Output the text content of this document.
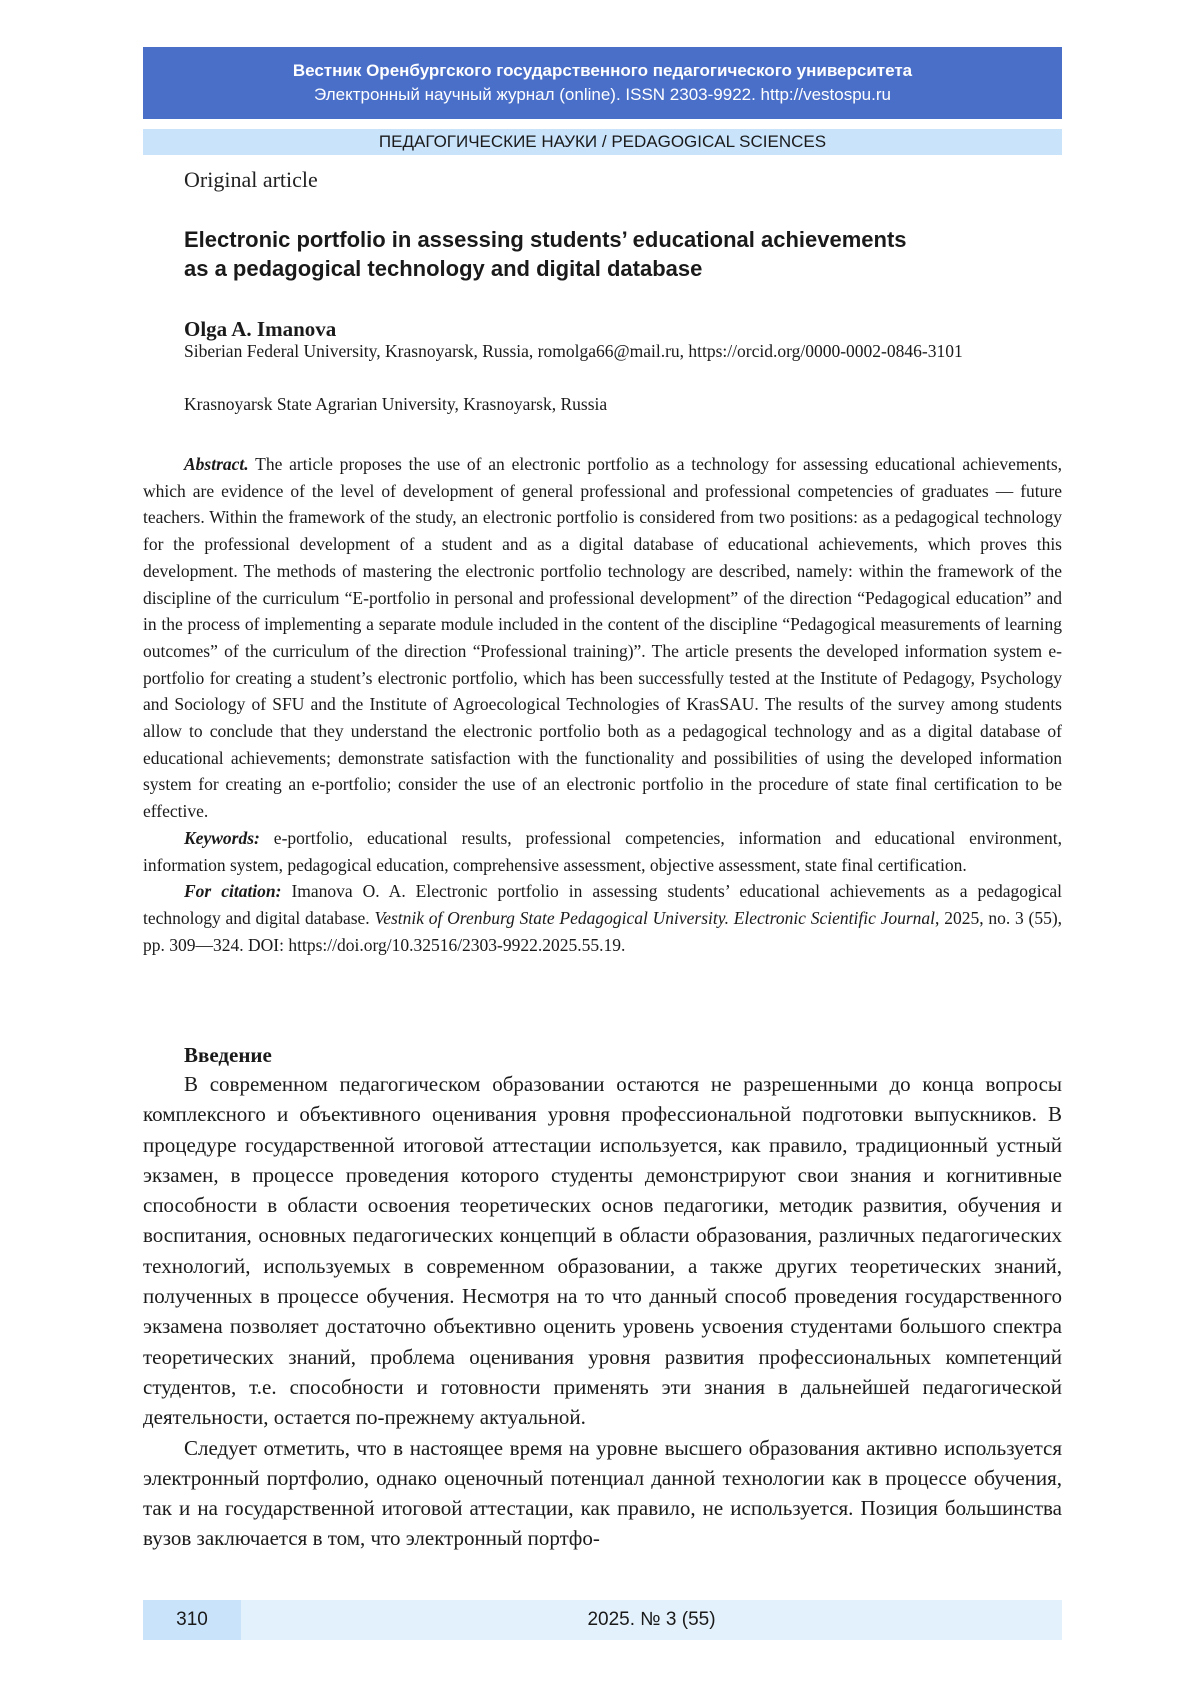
Вестник Оренбургского государственного педагогического университета
Электронный научный журнал (online). ISSN 2303-9922. http://vestospu.ru
ПЕДАГОГИЧЕСКИЕ НАУКИ / PEDAGOGICAL SCIENCES
Original article
Electronic portfolio in assessing students’ educational achievements
as a pedagogical technology and digital database
Olga A. Imanova

Siberian Federal University, Krasnoyarsk, Russia, romolga66@mail.ru, https://orcid.org/0000-0002-0846-3101

Krasnoyarsk State Agrarian University, Krasnoyarsk, Russia

Abstract. The article proposes the use of an electronic portfolio as a technology for assessing educational achievements, which are evidence of the level of development of general professional and professional competencies of graduates — future teachers. Within the framework of the study, an electronic portfolio is considered from two positions: as a pedagogical technology for the professional development of a student and as a digital database of educational achievements, which proves this development. The methods of mastering the electronic portfolio technology are described, namely: within the framework of the discipline of the curriculum “E-portfolio in personal and professional development” of the direction “Pedagogical education” and in the process of implementing a separate module included in the content of the discipline “Pedagogical measurements of learning outcomes” of the curriculum of the direction “Professional training)”. The article presents the developed information system e-portfolio for creating a student’s electronic portfolio, which has been successfully tested at the Institute of Pedagogy, Psychology and Sociology of SFU and the Institute of Agroecological Technologies of KrasSAU. The results of the survey among students allow to conclude that they understand the electronic portfolio both as a pedagogical technology and as a digital database of educational achievements; demonstrate satisfaction with the functionality and possibilities of using the developed information system for creating an e-portfolio; consider the use of an electronic portfolio in the procedure of state final certification to be effective.

Keywords: e-portfolio, educational results, professional competencies, information and educational environment, information system, pedagogical education, comprehensive assessment, objective assessment, state final certification.

For citation: Imanova O. A. Electronic portfolio in assessing students’ educational achievements as a pedagogical technology and digital database. Vestnik of Orenburg State Pedagogical University. Electronic Scientific Journal, 2025, no. 3 (55), pp. 309—324. DOI: https://doi.org/10.32516/2303-9922.2025.55.19.

Введение

В современном педагогическом образовании остаются не разрешенными до конца вопросы комплексного и объективного оценивания уровня профессиональной подготовки выпускников. В процедуре государственной итоговой аттестации используется, как правило, традиционный устный экзамен, в процессе проведения которого студенты демонстрируют свои знания и когнитивные способности в области освоения теоретических основ педагогики, методик развития, обучения и воспитания, основных педагогических концепций в области образования, различных педагогических технологий, используемых в современном образовании, а также других теоретических знаний, полученных в процессе обучения. Несмотря на то что данный способ проведения государственного экзамена позволяет достаточно объективно оценить уровень усвоения студентами большого спектра теоретических знаний, проблема оценивания уровня развития профессиональных компетенций студентов, т.е. способности и готовности применять эти знания в дальнейшей педагогической деятельности, остается по-прежнему актуальной.

Следует отметить, что в настоящее время на уровне высшего образования активно используется электронный портфолио, однако оценочный потенциал данной технологии как в процессе обучения, так и на государственной итоговой аттестации, как правило, не используется. Позиция большинства вузов заключается в том, что электронный портфо-

310	2025. № 3 (55)
